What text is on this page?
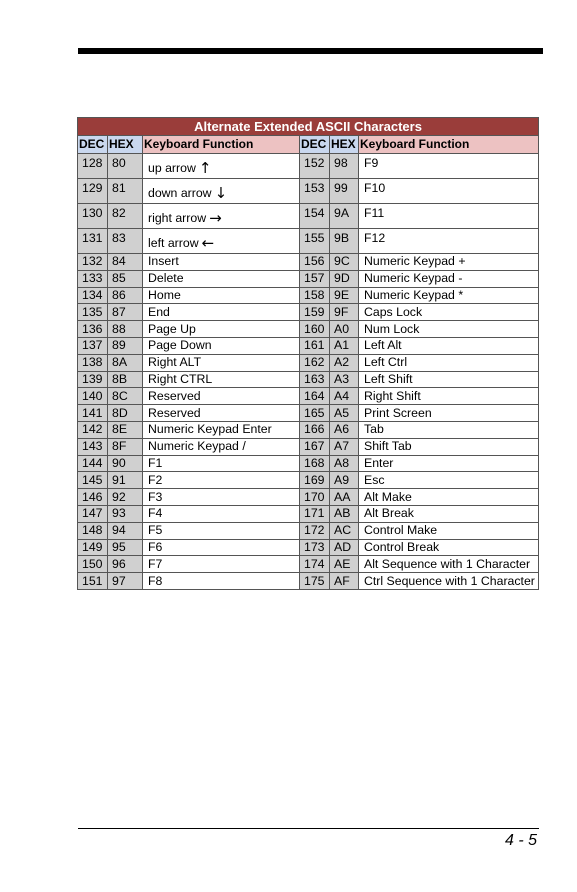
Alternate Extended ASCII Characters					
DEC	HEX	Keyboard Function	DEC	HEX	Keyboard Function
128	80	up arrow ↑	152	98	F9
129	81	down arrow ↓	153	99	F10
130	82	right arrow →	154	9A	F11
131	83	left arrow ←	155	9B	F12
132	84	Insert	156	9C	Numeric Keypad +
133	85	Delete	157	9D	Numeric Keypad -
134	86	Home	158	9E	Numeric Keypad *
135	87	End	159	9F	Caps Lock
136	88	Page Up	160	A0	Num Lock
137	89	Page Down	161	A1	Left Alt
138	8A	Right ALT	162	A2	Left Ctrl
139	8B	Right CTRL	163	A3	Left Shift
140	8C	Reserved	164	A4	Right Shift
141	8D	Reserved	165	A5	Print Screen
142	8E	Numeric Keypad Enter	166	A6	Tab
143	8F	Numeric Keypad /	167	A7	Shift Tab
144	90	F1	168	A8	Enter
145	91	F2	169	A9	Esc
146	92	F3	170	AA	Alt Make
147	93	F4	171	AB	Alt Break
148	94	F5	172	AC	Control Make
149	95	F6	173	AD	Control Break
150	96	F7	174	AE	Alt Sequence with 1 Character
151	97	F8	175	AF	Ctrl Sequence with 1 Character
4 - 5
